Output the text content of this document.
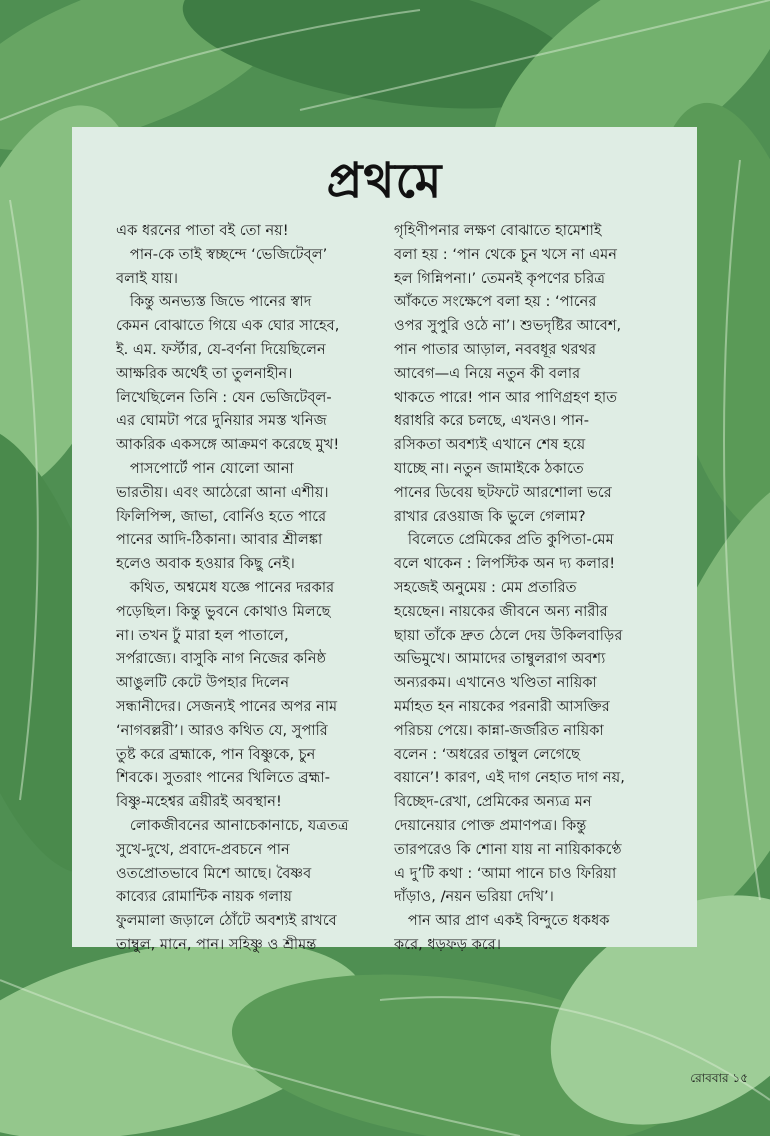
প্রথমে
এক ধরনের পাতা বই তো নয়!
পান-কে তাই স্বচ্ছন্দে ‘ভেজিটেব্‌ল’
বলাই যায়।
কিন্তু অনভ্যস্ত জিভে পানের স্বাদ
কেমন বোঝাতে গিয়ে এক ঘোর সাহেব,
ই. এম. ফর্স্টার, যে-বর্ণনা দিয়েছিলেন
আক্ষরিক অর্থেই তা তুলনাহীন।
লিখেছিলেন তিনি : যেন ভেজিটেব্‌ল-
এর ঘোমটা পরে দুনিয়ার সমস্ত খনিজ
আকরিক একসঙ্গে আক্রমণ করেছে মুখ!
পাসপোর্টে পান যোলো আনা
ভারতীয়। এবং আঠেরো আনা এশীয়।
ফিলিপিন্স, জাভা, বোর্নিও হতে পারে
পানের আদি-ঠিকানা। আবার শ্রীলঙ্কা
হলেও অবাক হওয়ার কিছু নেই।
কথিত, অশ্বমেধ যজ্ঞে পানের দরকার
পড়েছিল। কিন্তু ভুবনে কোথাও মিলছে
না। তখন ঢুঁ মারা হল পাতালে,
সর্পরাজ্যে। বাসুকি নাগ নিজের কনিষ্ঠ
আঙুলটি কেটে উপহার দিলেন
সন্ধানীদের। সেজন্যই পানের অপর নাম
‘নাগবল্লরী’। আরও কথিত যে, সুপারি
তুষ্ট করে ব্রহ্মাকে, পান বিষ্ণুকে, চুন
শিবকে। সুতরাং পানের খিলিতে ব্রহ্মা-
বিষ্ণু-মহেশ্বর ত্রয়ীরই অবস্থান!
লোকজীবনের আনাচেকানাচে, যত্রতত্র
সুখে-দুখে, প্রবাদে-প্রবচনে পান
ওতপ্রোতভাবে মিশে আছে। বৈষ্ণব
কাব্যের রোমান্টিক নায়ক গলায়
ফুলমালা জড়ালে ঠোঁটে অবশ্যই রাখবে
তাম্বুল, মানে, পান। সহিষ্ণু ও শ্রীমন্ত
গৃহিণীপনার লক্ষণ বোঝাতে হামেশাই
বলা হয় : ‘পান থেকে চুন খসে না এমন
হল গিন্নিপনা।’ তেমনই কৃপণের চরিত্র
আঁকতে সংক্ষেপে বলা হয় : ‘পানের
ওপর সুপুরি ওঠে না’। শুভদৃষ্টির আবেশ,
পান পাতার আড়াল, নববধূর থরথর
আবেগ—এ নিয়ে নতুন কী বলার
থাকতে পারে! পান আর পাণিগ্রহণ হাত
ধরাধরি করে চলছে, এখনও। পান-
রসিকতা অবশ্যই এখানে শেষ হয়ে
যাচ্ছে না। নতুন জামাইকে ঠকাতে
পানের ডিবেয় ছটফটে আরশোলা ভরে
রাখার রেওয়াজ কি ভুলে গেলাম?
বিলেতে প্রেমিকের প্রতি কুপিতা-মেম
বলে থাকেন : লিপস্টিক অন দ্য কলার!
সহজেই অনুমেয় : মেম প্রতারিত
হয়েছেন। নায়কের জীবনে অন্য নারীর
ছায়া তাঁকে দ্রুত ঠেলে দেয় উকিলবাড়ির
অভিমুখে। আমাদের তাম্বুলরাগ অবশ্য
অন্যরকম। এখানেও খণ্ডিতা নায়িকা
মর্মাহত হন নায়কের পরনারী আসক্তির
পরিচয় পেয়ে। কান্না-জর্জরিত নায়িকা
বলেন : ‘অধরের তাম্বুল লেগেছে
বয়ানে’! কারণ, এই দাগ নেহাত দাগ নয়,
বিচ্ছেদ-রেখা, প্রেমিকের অন্যত্র মন
দেয়ানেয়ার পোক্ত প্রমাণপত্র। কিন্তু
তারপরেও কি শোনা যায় না নায়িকাকণ্ঠে
এ দু’টি কথা : ‘আমা পানে চাও ফিরিয়া
দাঁড়াও, /নয়ন ভরিয়া দেখি’।
পান আর প্রাণ একই বিন্দুতে ধকধক
করে, ধড়ফড় করে।
রোববার ১৫
